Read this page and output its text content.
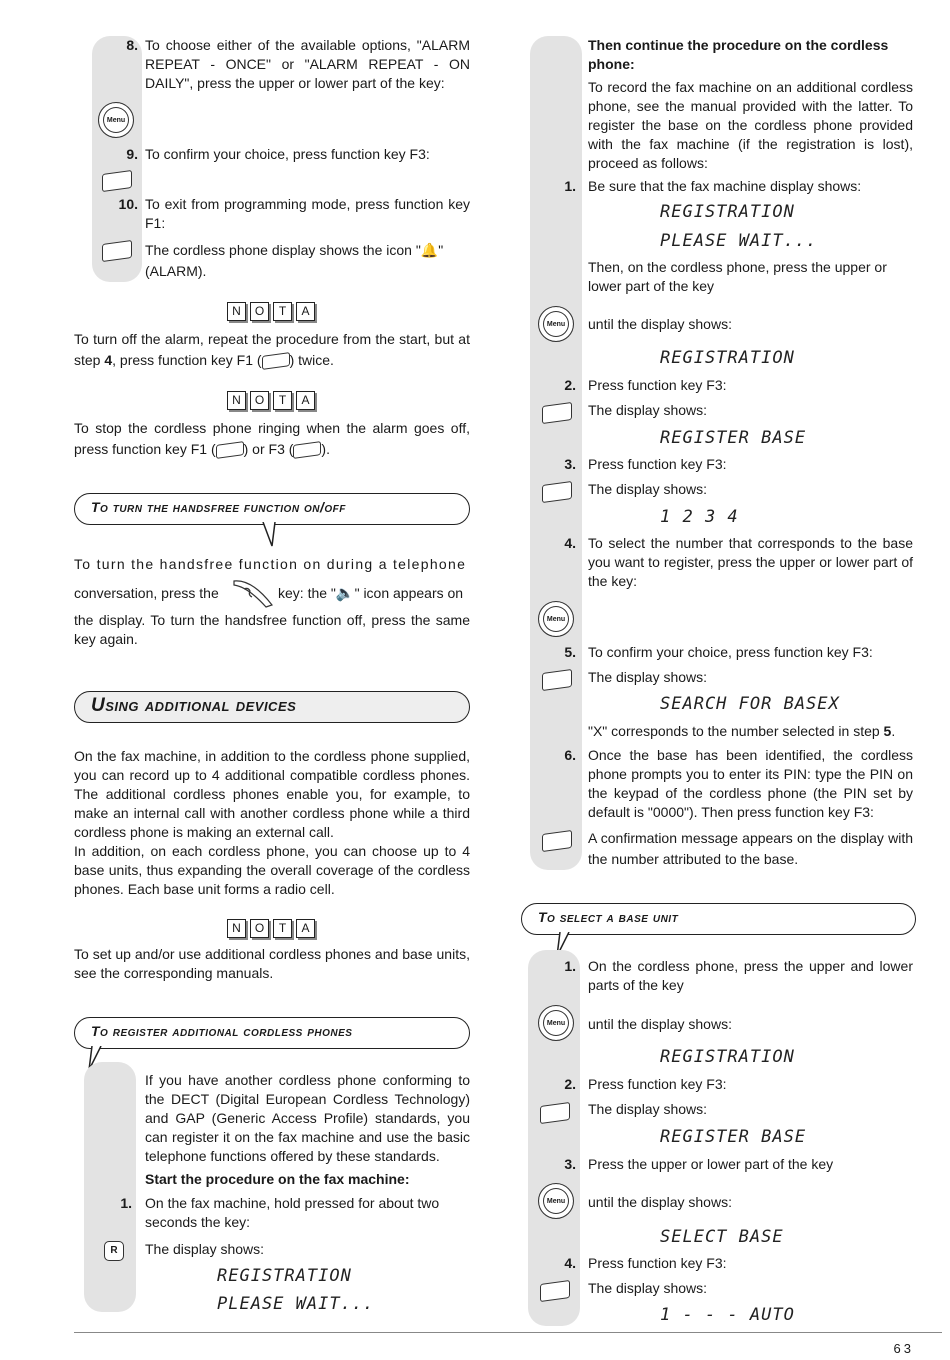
8. To choose either of the available options, "ALARM REPEAT - ONCE" or "ALARM REPEAT - ON DAILY", press the upper or lower part of the key:
Menu
9. To confirm your choice, press function key F3:
10. To exit from programming mode, press function key F1:
The cordless phone display shows the icon "🔔" (ALARM).
N	O	T	A
To turn off the alarm, repeat the procedure from the start, but at step 4, press function key F1 ( ) twice.
N	O	T	A
To stop the cordless phone ringing when the alarm goes off, press function key F1 ( ) or F3 ( ).
To turn the handsfree function on/off
To turn the handsfree function on during a telephone
conversation, press the	key: the "🔈" icon appears on
the display. To turn the handsfree function off, press the same key again.
Using additional devices
On the fax machine, in addition to the cordless phone supplied, you can record up to 4 additional compatible cordless phones. The additional cordless phones enable you, for example, to make an internal call with another cordless phone while a third cordless phone is making an external call.
In addition, on each cordless phone, you can choose up to 4 base units, thus expanding the overall coverage of the cordless phones. Each base unit forms a radio cell.
N	O	T	A
To set up and/or use additional cordless phones and base units, see the corresponding manuals.
To register additional cordless phones
If you have another cordless phone conforming to the DECT (Digital European Cordless Technology) and GAP (Generic Access Profile) standards, you can register it on the fax machine and use the basic telephone functions offered by these standards.
Start the procedure on the fax machine:
1. On the fax machine, hold pressed for about two seconds the key:
R	The display shows:
REGISTRATION
PLEASE WAIT...
Then continue the procedure on the cordless phone:
To record the fax machine on an additional cordless phone, see the manual provided with the latter. To register the base on the cordless phone provided with the fax machine (if the registration is lost), proceed as follows:
1. Be sure that the fax machine display shows:
REGISTRATION
PLEASE WAIT...
Then, on the cordless phone, press the upper or lower part of the key
Menu until the display shows:
REGISTRATION
2. Press function key F3:
The display shows:
REGISTER BASE
3. Press function key F3:
The display shows:
1 2 3 4
4. To select the number that corresponds to the base you want to register, press the upper or lower part of the key:
Menu
5. To confirm your choice, press function key F3:
The display shows:
SEARCH FOR BASEX
"X" corresponds to the number selected in step 5.
6. Once the base has been identified, the cordless phone prompts you to enter its PIN: type the PIN on the keypad of the cordless phone (the PIN set by default is "0000"). Then press function key F3:
A confirmation message appears on the display with the number attributed to the base.
To select a base unit
1. On the cordless phone, press the upper and lower parts of the key
Menu until the display shows:
REGISTRATION
2. Press function key F3:
The display shows:
REGISTER BASE
3. Press the upper or lower part of the key
Menu until the display shows:
SELECT BASE
4. Press function key F3:
The display shows:
1 - - - AUTO
63
